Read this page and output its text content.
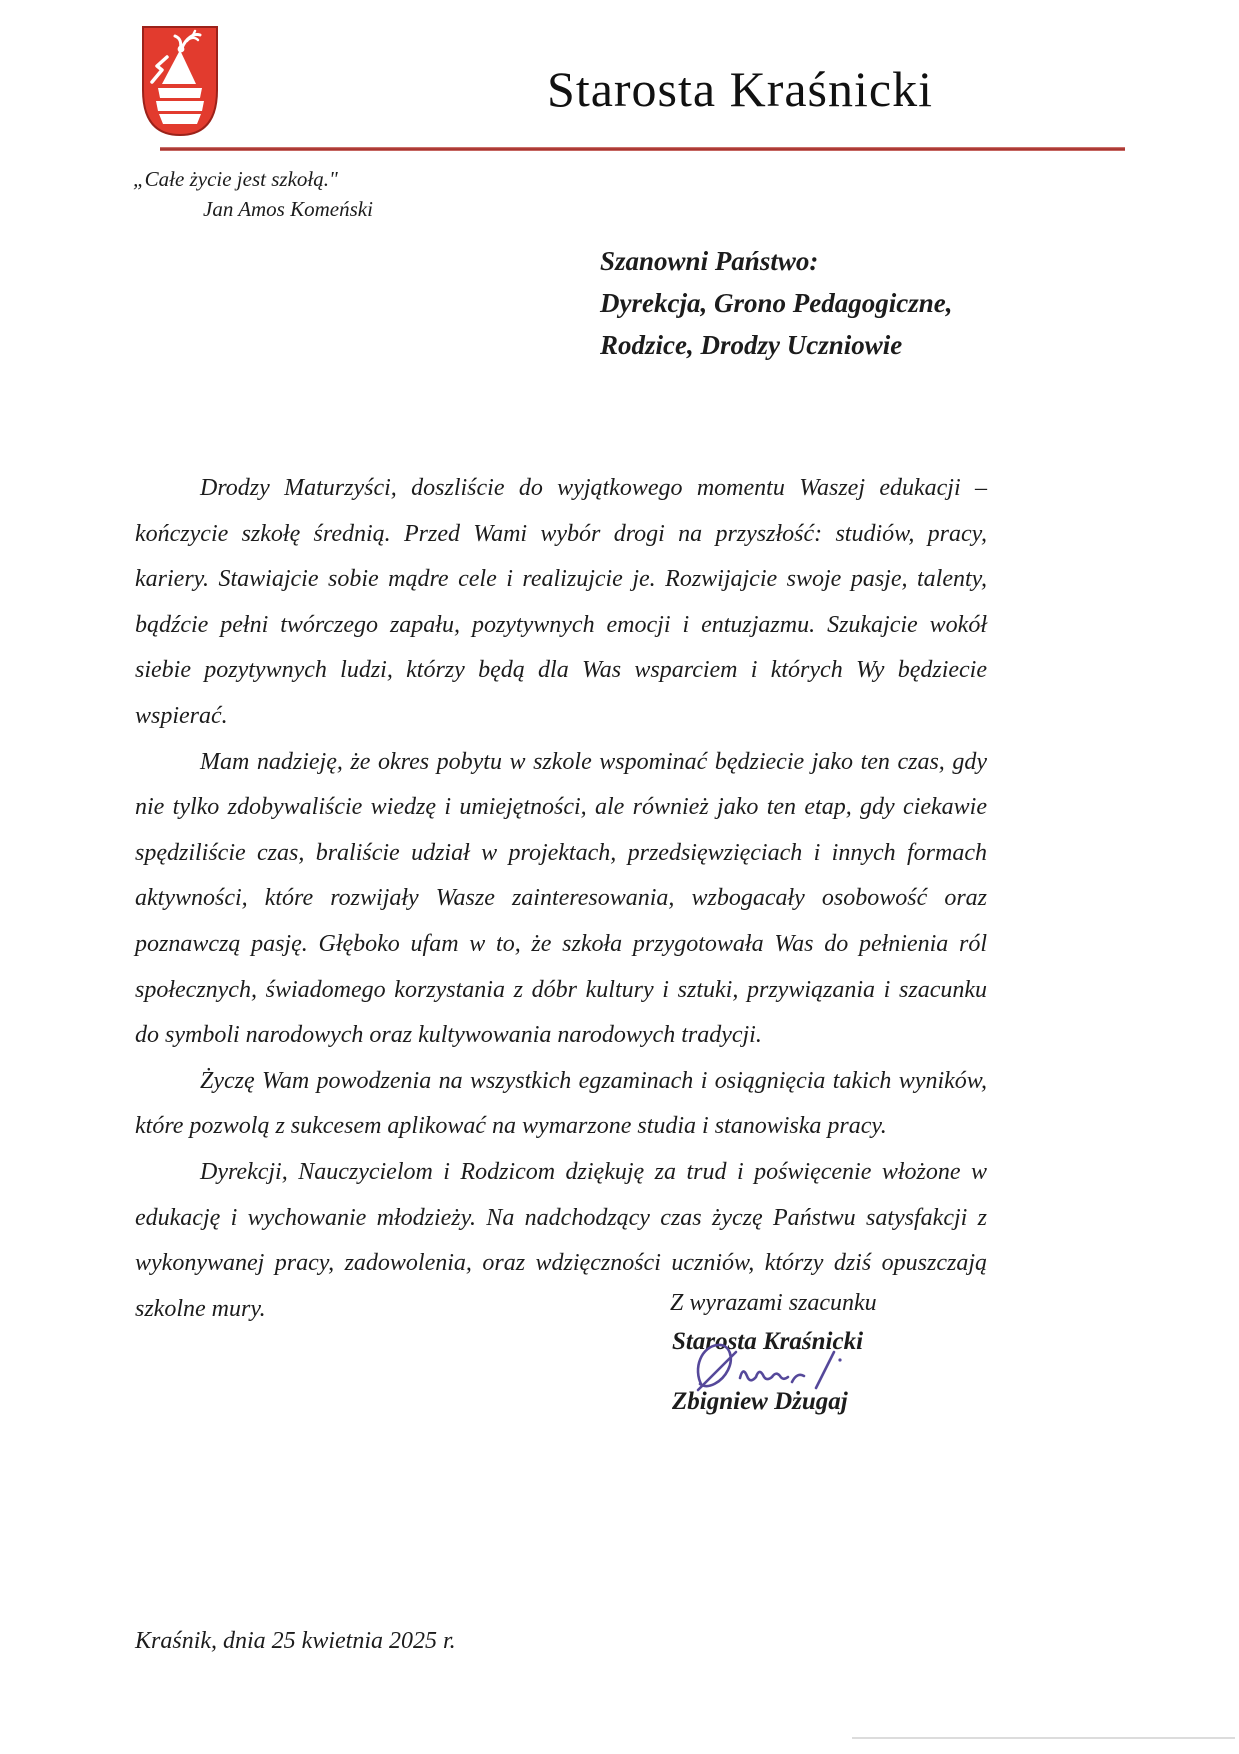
Starosta Kraśnicki
„Całe życie jest szkołą."
Jan Amos Komeński
Szanowni Państwo:
Dyrekcja, Grono Pedagogiczne,
Rodzice, Drodzy Uczniowie

Drodzy Maturzyści, doszliście do wyjątkowego momentu Waszej edukacji – kończycie szkołę średnią. Przed Wami wybór drogi na przyszłość: studiów, pracy, kariery. Stawiajcie sobie mądre cele i realizujcie je. Rozwijajcie swoje pasje, talenty, bądźcie pełni twórczego zapału, pozytywnych emocji i entuzjazmu. Szukajcie wokół siebie pozytywnych ludzi, którzy będą dla Was wsparciem i których Wy będziecie wspierać.

Mam nadzieję, że okres pobytu w szkole wspominać będziecie jako ten czas, gdy nie tylko zdobywaliście wiedzę i umiejętności, ale również jako ten etap, gdy ciekawie spędziliście czas, braliście udział w projektach, przedsięwzięciach i innych formach aktywności, które rozwijały Wasze zainteresowania, wzbogacały osobowość oraz poznawczą pasję. Głęboko ufam w to, że szkoła przygotowała Was do pełnienia ról społecznych, świadomego korzystania z dóbr kultury i sztuki, przywiązania i szacunku do symboli narodowych oraz kultywowania narodowych tradycji.

Życzę Wam powodzenia na wszystkich egzaminach i osiągnięcia takich wyników, które pozwolą z sukcesem aplikować na wymarzone studia i stanowiska pracy.

Dyrekcji, Nauczycielom i Rodzicom dziękuję za trud i poświęcenie włożone w edukację i wychowanie młodzieży. Na nadchodzący czas życzę Państwu satysfakcji z wykonywanej pracy, zadowolenia, oraz wdzięczności uczniów, którzy dziś opuszczają szkolne mury.	Z wyrazami szacunku
Starosta Kraśnicki
Zbigniew Dżugaj
Kraśnik, dnia 25 kwietnia 2025 r.
